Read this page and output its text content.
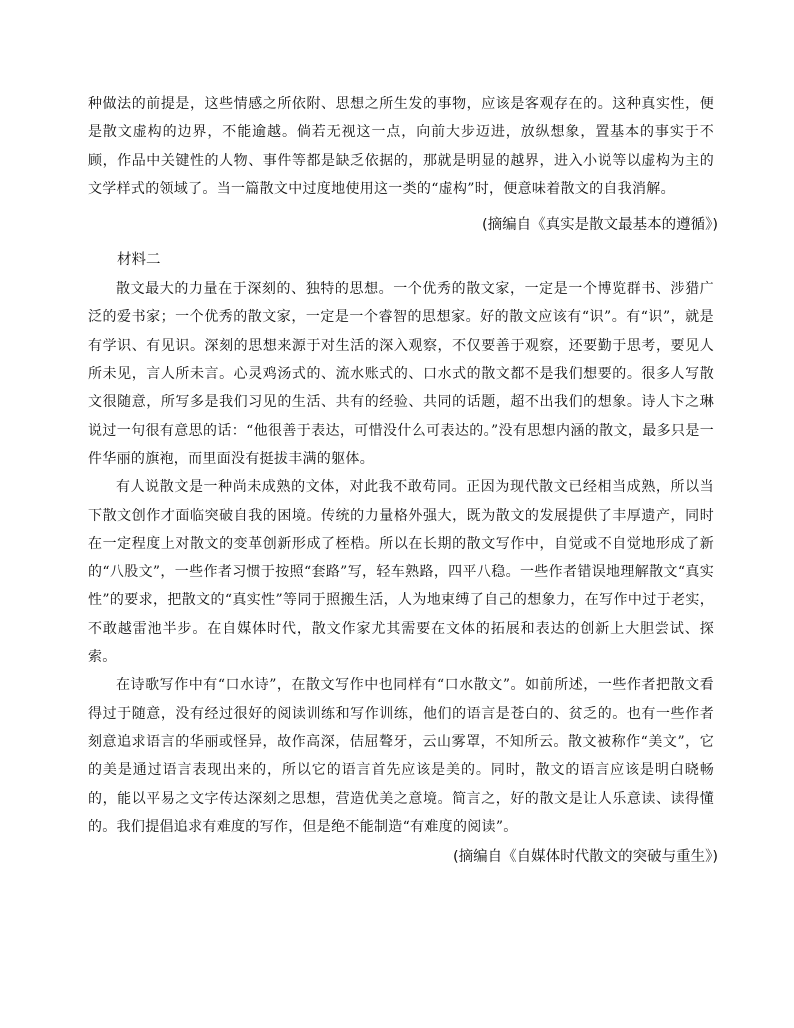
种做法的前提是，这些情感之所依附、思想之所生发的事物，应该是客观存在的。这种真实性，便是散文虚构的边界，不能逾越。倘若无视这一点，向前大步迈进，放纵想象，置基本的事实于不顾，作品中关键性的人物、事件等都是缺乏依据的，那就是明显的越界，进入小说等以虚构为主的文学样式的领域了。当一篇散文中过度地使用这一类的“虚构”时，便意味着散文的自我消解。

(摘编自《真实是散文最基本的遵循》)

材料二

散文最大的力量在于深刻的、独特的思想。一个优秀的散文家，一定是一个博览群书、涉猎广泛的爱书家；一个优秀的散文家，一定是一个睿智的思想家。好的散文应该有“识”。有“识”，就是有学识、有见识。深刻的思想来源于对生活的深入观察，不仅要善于观察，还要勤于思考，要见人所未见，言人所未言。心灵鸡汤式的、流水账式的、口水式的散文都不是我们想要的。很多人写散文很随意，所写多是我们习见的生活、共有的经验、共同的话题，超不出我们的想象。诗人卞之琳说过一句很有意思的话：“他很善于表达，可惜没什么可表达的。”没有思想内涵的散文，最多只是一件华丽的旗袍，而里面没有挺拔丰满的躯体。

有人说散文是一种尚未成熟的文体，对此我不敢苟同。正因为现代散文已经相当成熟，所以当下散文创作才面临突破自我的困境。传统的力量格外强大，既为散文的发展提供了丰厚遗产，同时在一定程度上对散文的变革创新形成了桎梏。所以在长期的散文写作中，自觉或不自觉地形成了新的“八股文”，一些作者习惯于按照“套路”写，轻车熟路，四平八稳。一些作者错误地理解散文“真实性”的要求，把散文的“真实性”等同于照搬生活，人为地束缚了自己的想象力，在写作中过于老实，不敢越雷池半步。在自媒体时代，散文作家尤其需要在文体的拓展和表达的创新上大胆尝试、探索。

在诗歌写作中有“口水诗”，在散文写作中也同样有“口水散文”。如前所述，一些作者把散文看得过于随意，没有经过很好的阅读训练和写作训练，他们的语言是苍白的、贫乏的。也有一些作者刻意追求语言的华丽或怪异，故作高深，佶屈聱牙，云山雾罩，不知所云。散文被称作“美文”，它的美是通过语言表现出来的，所以它的语言首先应该是美的。同时，散文的语言应该是明白晓畅的，能以平易之文字传达深刻之思想，营造优美之意境。简言之，好的散文是让人乐意读、读得懂的。我们提倡追求有难度的写作，但是绝不能制造“有难度的阅读”。

(摘编自《自媒体时代散文的突破与重生》)
